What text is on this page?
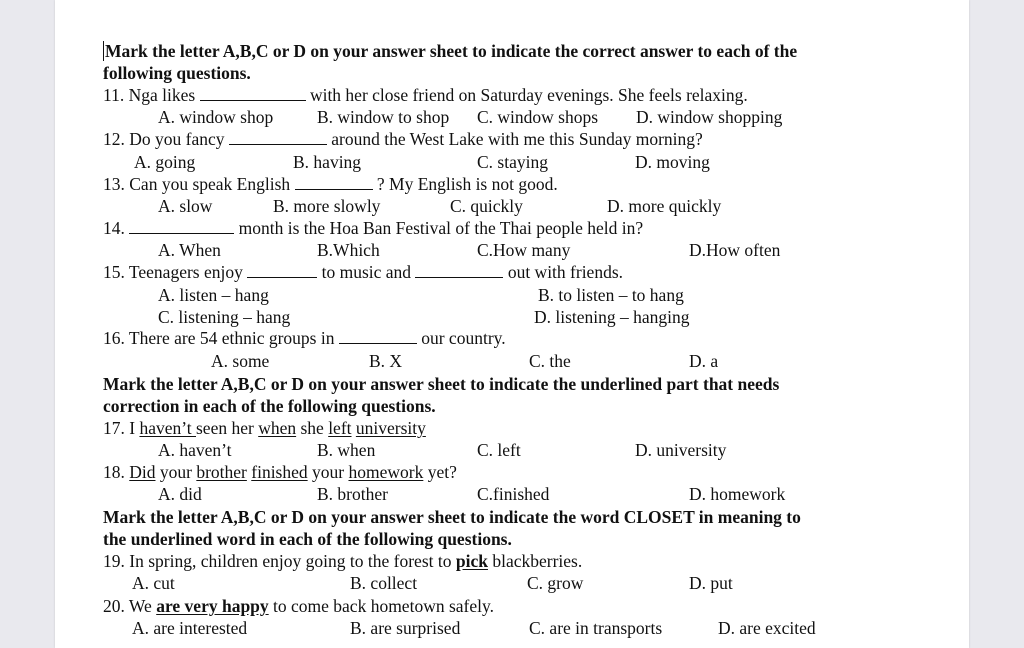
Mark the letter A,B,C or D on your answer sheet to indicate the correct answer to each of the
following questions.
11. Nga likes	with her close friend on Saturday evenings. She feels relaxing.
A. window shop	B. window to shop C. window shops D. window shopping
12. Do you fancy	around the West Lake with me this Sunday morning?
A. going	B. having	C. staying	D. moving
13. Can you speak English	? My English is not good.
A. slow	B. more slowly	C. quickly	D. more quickly
14.	month is the Hoa Ban Festival of the Thai people held in?
A. When	B.Which	C.How many	D.How often
15. Teenagers enjoy	to music and	out with friends.
A. listen – hang	B. to listen – to hang
C. listening – hang	D. listening – hanging
16. There are 54 ethnic groups in	our country.
A. some	B. X	C. the	D. a
Mark the letter A,B,C or D on your answer sheet to indicate the underlined part that needs
correction in each of the following questions.
17. I haven’t seen her when she left university
A. haven’t	B. when	C. left	D. university
18. Did your brother finished your homework yet?
A. did	B. brother	C.finished	D. homework
Mark the letter A,B,C or D on your answer sheet to indicate the word CLOSET in meaning to
the underlined word in each of the following questions.
19. In spring, children enjoy going to the forest to pick blackberries.
A. cut	B. collect	C. grow	D. put
20. We are very happy to come back hometown safely.
A. are interested	B. are surprised	C. are in transports	D. are excited
